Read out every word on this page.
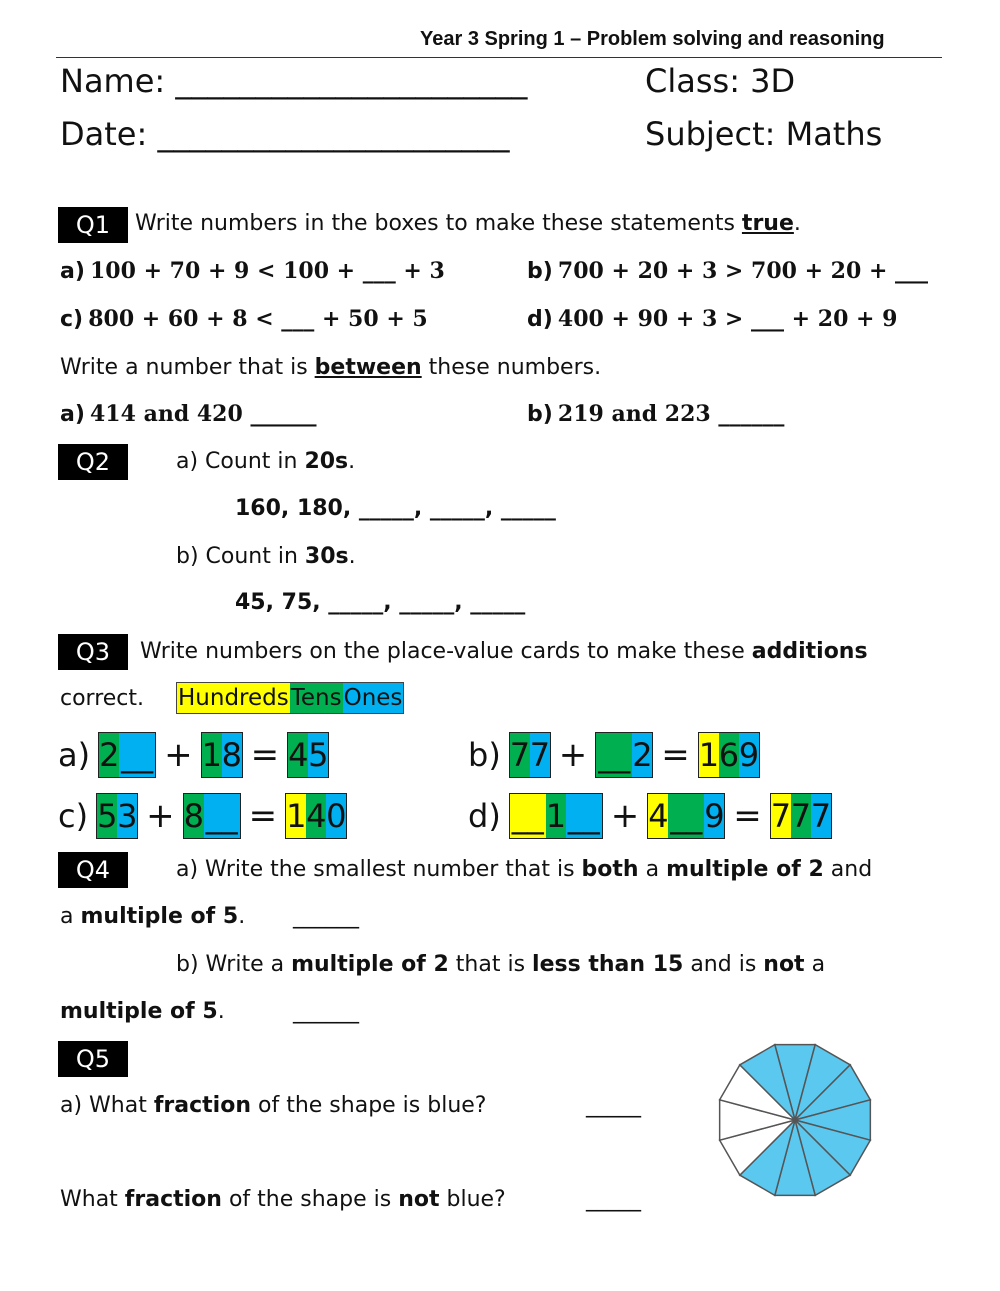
Year 3 Spring 1 – Problem solving and reasoning
Name: ______________________
Date: ______________________
Class: 3D
Subject: Maths
Q1	Write numbers in the boxes to make these statements true.
a) 100 + 70 + 9 < 100 + ___ + 3	b) 700 + 20 + 3 > 700 + 20 + ___
c) 800 + 60 + 8 < ___ + 50 + 5	d) 400 + 90 + 3 > ___ + 20 + 9
Write a number that is between these numbers.
a) 414 and 420 ______	b) 219 and 223 ______
Q2	a) Count in 20s.
160, 180, _____, _____, _____
b) Count in 30s.
45, 75, _____, _____, _____
Q3	Write numbers on the place-value cards to make these additions
correct. HundredsTensOnes
a) 2 __ + 1 8 = 4 5	b) 7 7 + __ 2 = 1 6 9
c) 5 3 + 8 __ = 1 4 0	d) __ 1 __ + 4 __ 9 = 7 7 7
Q4	a) Write the smallest number that is both a multiple of 2 and
a multiple of 5. ______
b) Write a multiple of 2 that is less than 15 and is not a
multiple of 5.	______
Q5
a) What fraction of the shape is blue?	_____
What fraction of the shape is not blue?	_____
